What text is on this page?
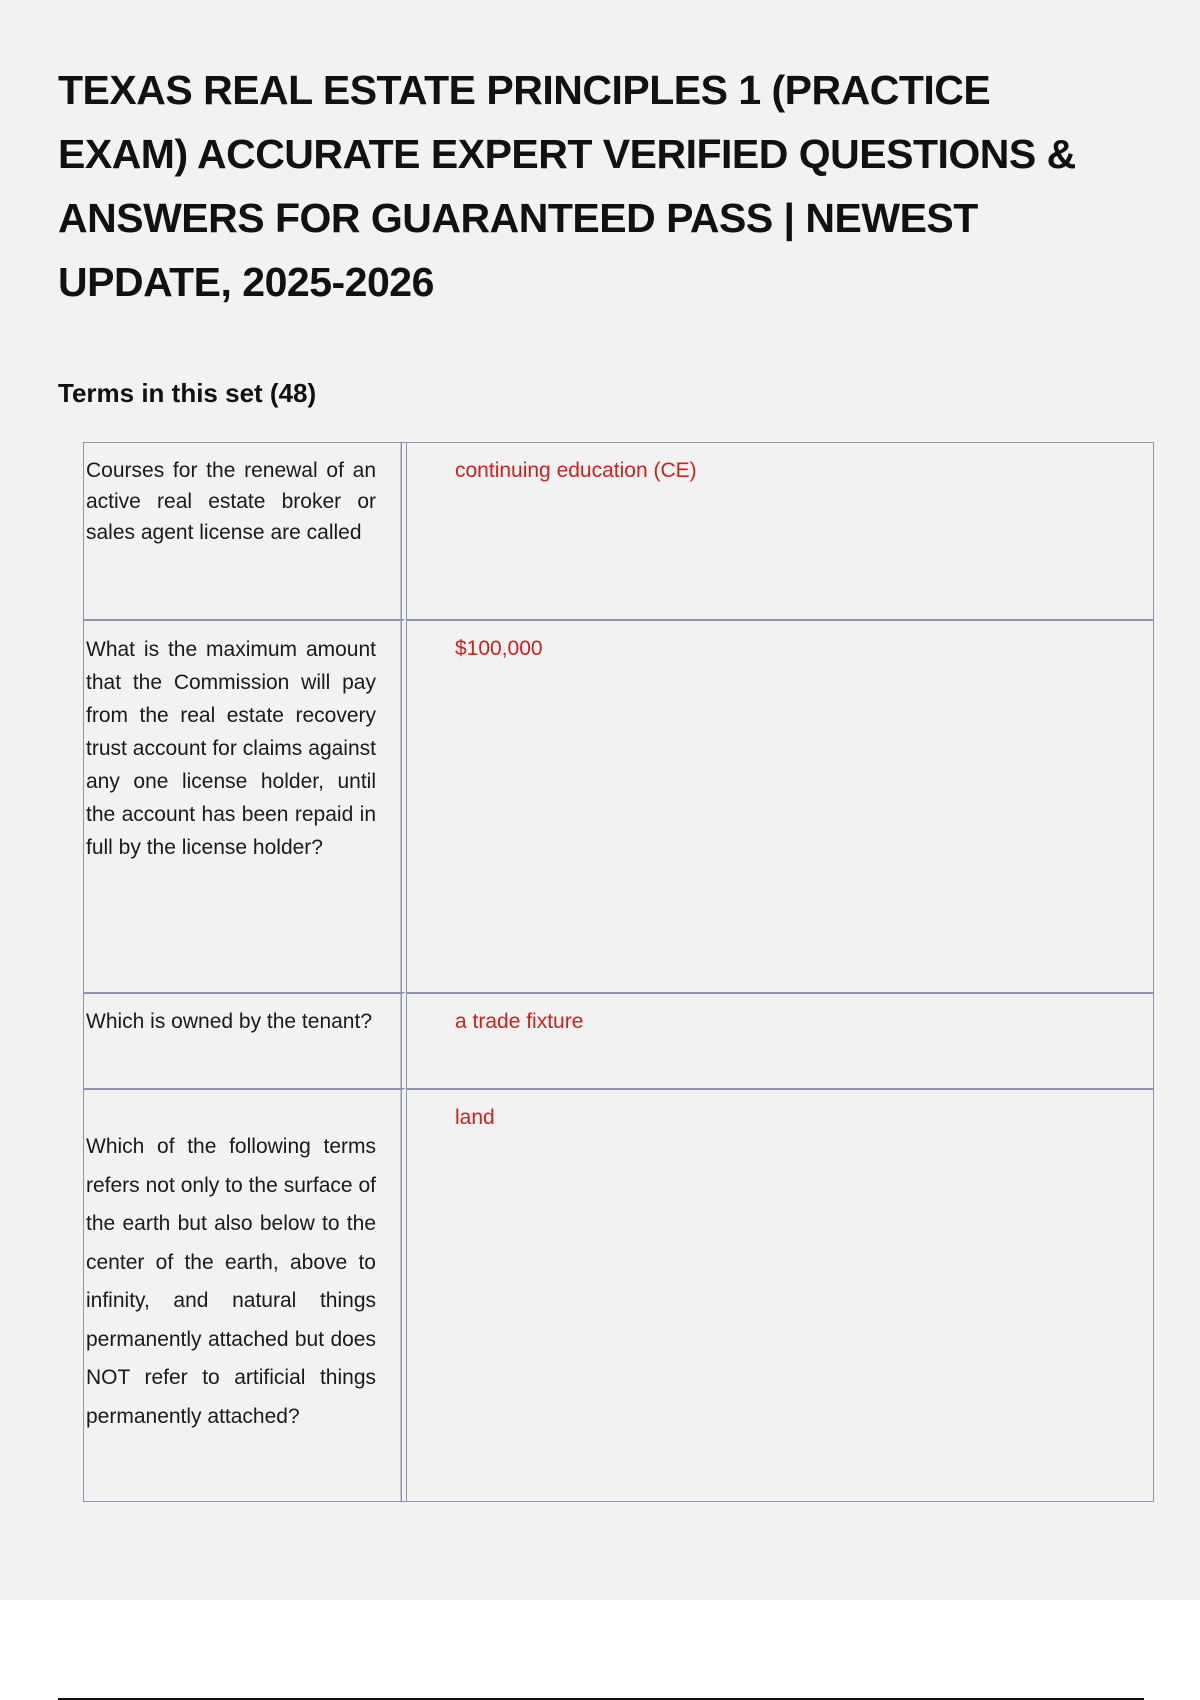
TEXAS REAL ESTATE PRINCIPLES 1 (PRACTICE EXAM) ACCURATE EXPERT VERIFIED QUESTIONS & ANSWERS FOR GUARANTEED PASS | NEWEST UPDATE, 2025-2026
Terms in this set (48)
Courses for the renewal of an active real estate broker or sales agent license are called	continuing education (CE)

What is the maximum amount that the Commission will pay from the real estate recovery trust account for claims against any one license holder, until the account has been repaid in full by the license holder?	$100,000

Which is owned by the tenant?	a trade fixture

Which of the following terms refers not only to the surface of the earth but also below to the center of the earth, above to infinity, and natural things permanently attached but does NOT refer to artificial things permanently attached?	land
